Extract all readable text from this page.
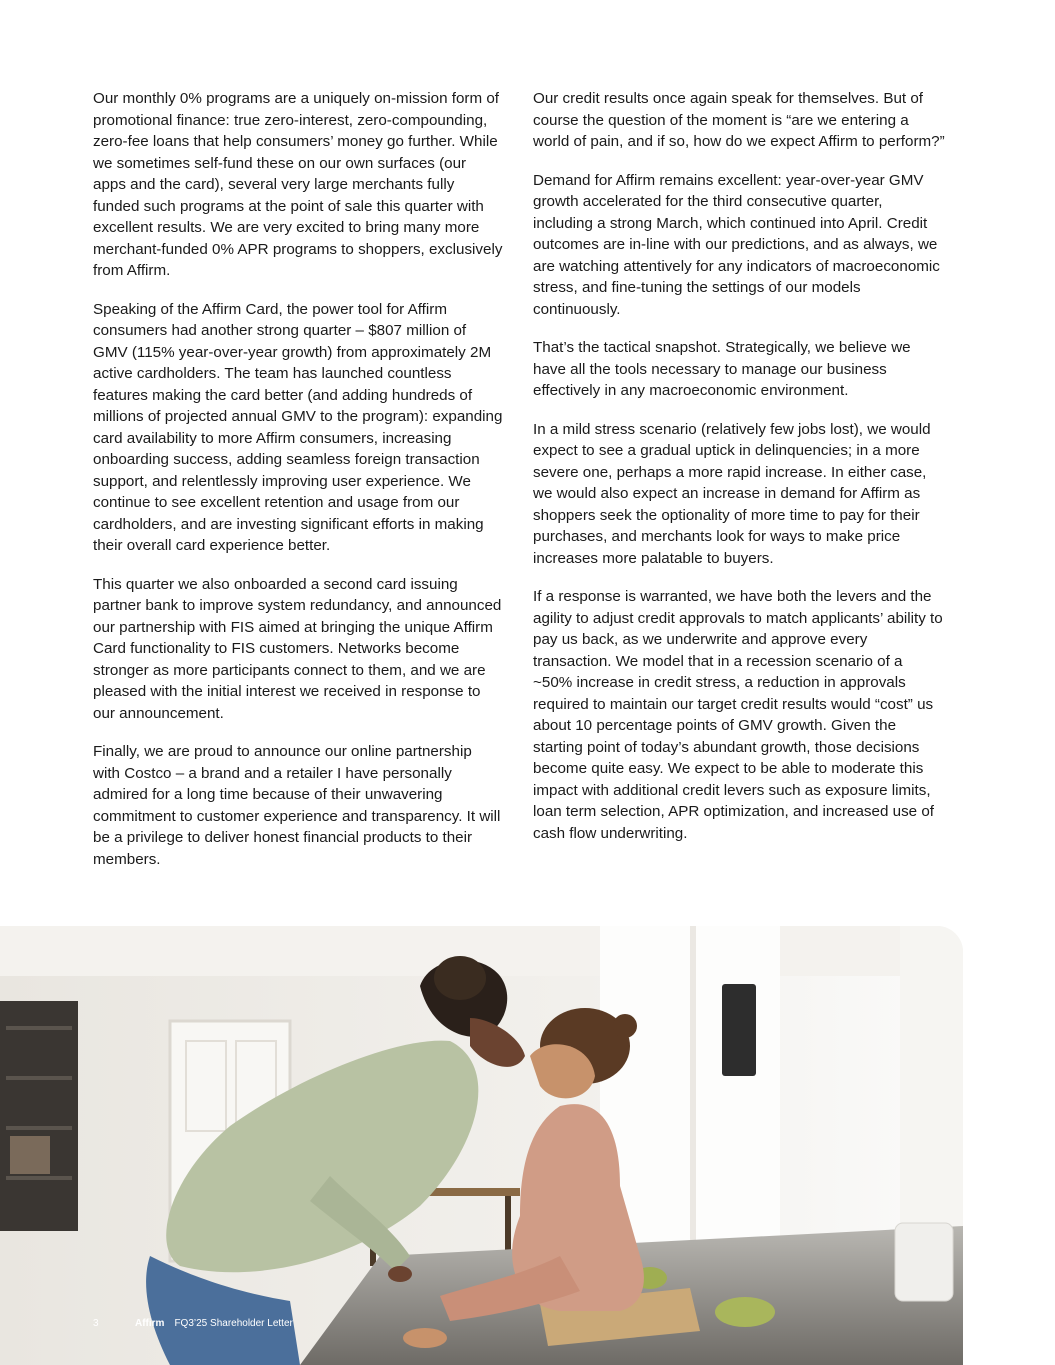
Our monthly 0% programs are a uniquely on-mission form of promotional finance: true zero-interest, zero-compounding, zero-fee loans that help consumers’ money go further. While we sometimes self-fund these on our own surfaces (our apps and the card), several very large merchants fully funded such programs at the point of sale this quarter with excellent results. We are very excited to bring many more merchant-funded 0% APR programs to shoppers, exclusively from Affirm.

Speaking of the Affirm Card, the power tool for Affirm consumers had another strong quarter – $807 million of GMV (115% year-over-year growth) from approximately 2M active cardholders. The team has launched countless features making the card better (and adding hundreds of millions of projected annual GMV to the program): expanding card availability to more Affirm consumers, increasing onboarding success, adding seamless foreign transaction support, and relentlessly improving user experience. We continue to see excellent retention and usage from our cardholders, and are investing significant efforts in making their overall card experience better.

This quarter we also onboarded a second card issuing partner bank to improve system redundancy, and announced our partnership with FIS aimed at bringing the unique Affirm Card functionality to FIS customers. Networks become stronger as more participants connect to them, and we are pleased with the initial interest we received in response to our announcement.

Finally, we are proud to announce our online partnership with Costco – a brand and a retailer I have personally admired for a long time because of their unwavering commitment to customer experience and transparency. It will be a privilege to deliver honest financial products to their members.

Our credit results once again speak for themselves. But of course the question of the moment is “are we entering a world of pain, and if so, how do we expect Affirm to perform?”

Demand for Affirm remains excellent: year-over-year GMV growth accelerated for the third consecutive quarter, including a strong March, which continued into April. Credit outcomes are in-line with our predictions, and as always, we are watching attentively for any indicators of macroeconomic stress, and fine-tuning the settings of our models continuously.

That’s the tactical snapshot. Strategically, we believe we have all the tools necessary to manage our business effectively in any macroeconomic environment.

In a mild stress scenario (relatively few jobs lost), we would expect to see a gradual uptick in delinquencies; in a more severe one, perhaps a more rapid increase. In either case, we would also expect an increase in demand for Affirm as shoppers seek the optionality of more time to pay for their purchases, and merchants look for ways to make price increases more palatable to buyers.

If a response is warranted, we have both the levers and the agility to adjust credit approvals to match applicants’ ability to pay us back, as we underwrite and approve every transaction. We model that in a recession scenario of a ~50% increase in credit stress, a reduction in approvals required to maintain our target credit results would “cost” us about 10 percentage points of GMV growth. Given the starting point of today’s abundant growth, those decisions become quite easy. We expect to be able to moderate this impact with additional credit levers such as exposure limits, loan term selection, APR optimization, and increased use of cash flow underwriting.

3	Affirm FQ3’25 Shareholder Letter
